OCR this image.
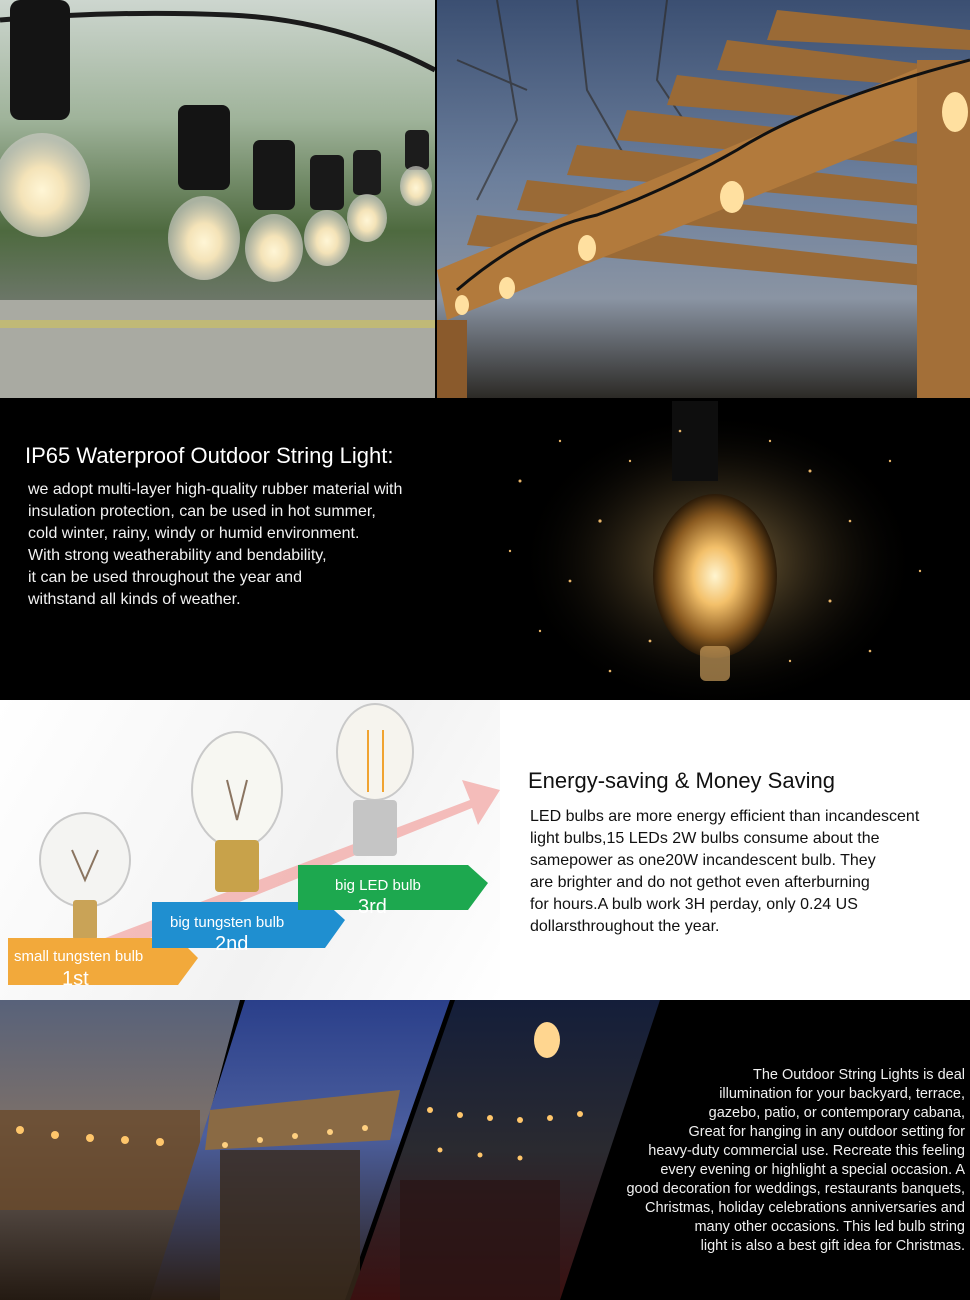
IP65 Waterproof Outdoor String Light:
we adopt multi-layer high-quality rubber material with
insulation protection, can be used in hot summer,
cold winter, rainy, windy or humid environment.
With strong weatherability and bendability,
it can be used throughout the year and
withstand all kinds of weather.
small tungsten bulb
1st
big tungsten bulb
2nd
big LED bulb
3rd
Energy-saving & Money Saving
LED bulbs are more energy efficient than incandescent
light bulbs,15 LEDs 2W bulbs consume about the
samepower as one20W incandescent bulb. They
are brighter and do not gethot even afterburning
for hours.A bulb work 3H perday, only 0.24 US
dollarsthroughout the year.
The Outdoor String Lights is deal
illumination for your backyard, terrace,
gazebo, patio, or contemporary cabana,
Great for hanging in any outdoor setting for
heavy-duty commercial use. Recreate this feeling
every evening or highlight a special occasion. A
good decoration for weddings, restaurants banquets,
Christmas, holiday celebrations anniversaries and
many other occasions. This led bulb string
light is also a best gift idea for Christmas.
